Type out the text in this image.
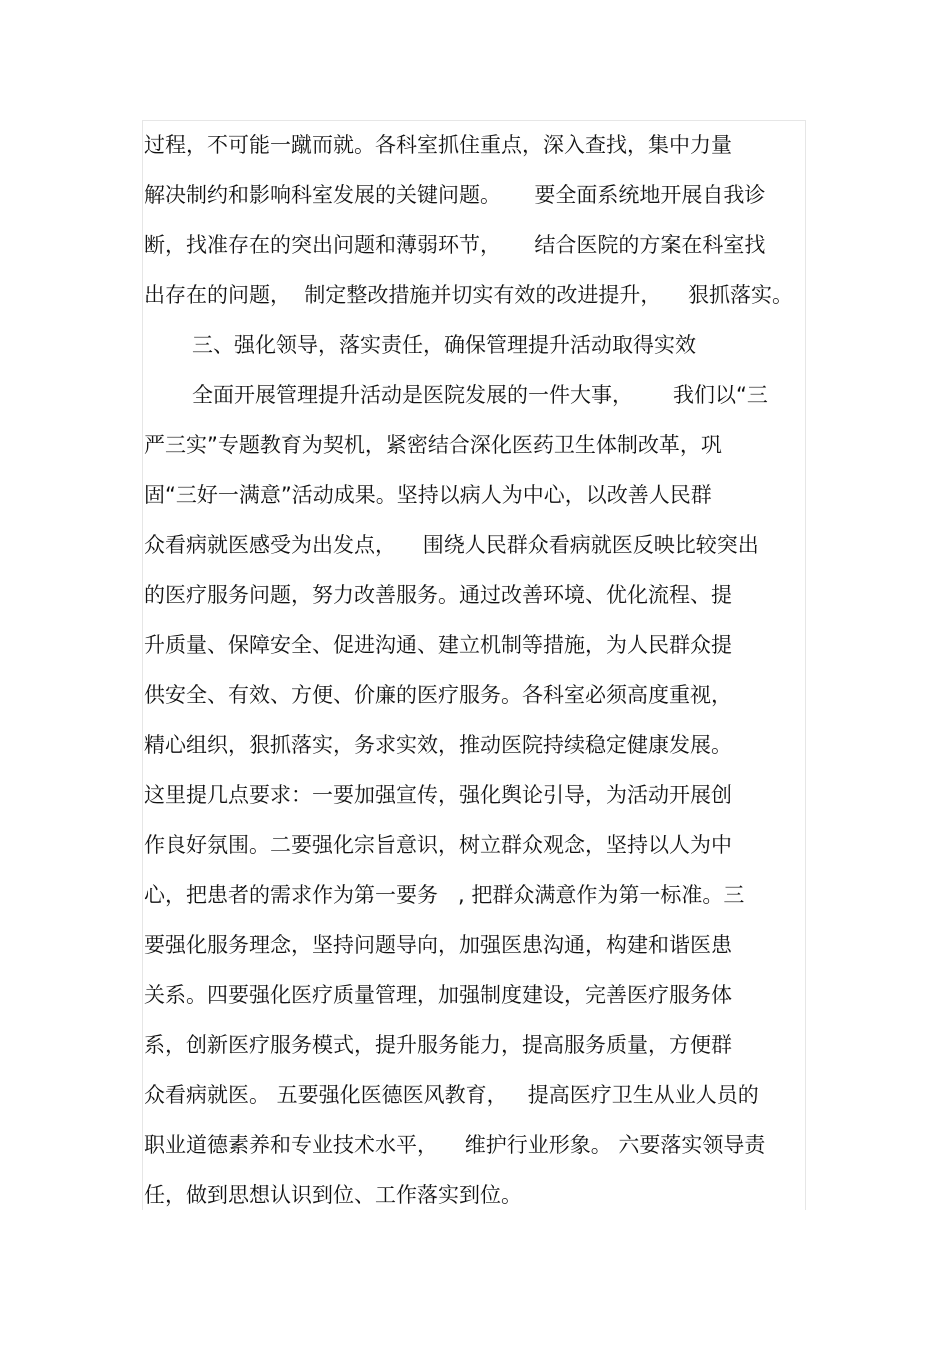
过程，不可能一蹴而就。各科室抓住重点，深入查找，集中力量
解决制约和影响科室发展的关键问题。     要全面系统地开展自我诊
断，找准存在的突出问题和薄弱环节，     结合医院的方案在科室找
出存在的问题，  制定整改措施并切实有效的改进提升，    狠抓落实。
三、强化领导，落实责任，确保管理提升活动取得实效
全面开展管理提升活动是医院发展的一件大事，      我们以“三
严三实”专题教育为契机，紧密结合深化医药卫生体制改革，巩
固“三好一满意”活动成果。坚持以病人为中心，以改善人民群
众看病就医感受为出发点，    围绕人民群众看病就医反映比较突出
的医疗服务问题，努力改善服务。通过改善环境、优化流程、提
升质量、保障安全、促进沟通、建立机制等措施，为人民群众提
供安全、有效、方便、价廉的医疗服务。各科室必须高度重视，
精心组织，狠抓落实，务求实效，推动医院持续稳定健康发展。
这里提几点要求：一要加强宣传，强化舆论引导，为活动开展创
作良好氛围。二要强化宗旨意识，树立群众观念，坚持以人为中
心，把患者的需求作为第一要务   , 把群众满意作为第一标准。三
要强化服务理念，坚持问题导向，加强医患沟通，构建和谐医患
关系。四要强化医疗质量管理，加强制度建设，完善医疗服务体
系，创新医疗服务模式，提升服务能力，提高服务质量，方便群
众看病就医。 五要强化医德医风教育，   提高医疗卫生从业人员的
职业道德素养和专业技术水平，    维护行业形象。 六要落实领导责
任，做到思想认识到位、工作落实到位。
